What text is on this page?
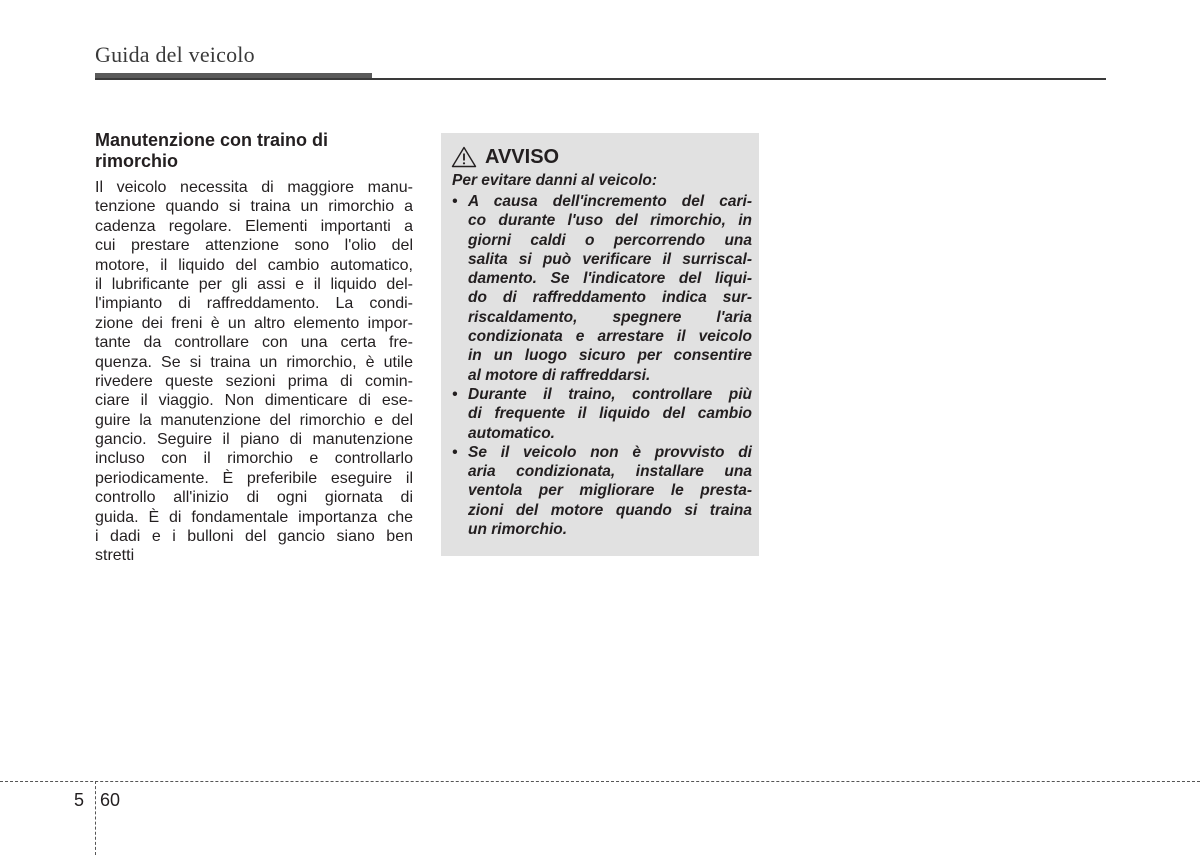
Guida del veicolo
Manutenzione con traino di
rimorchio
Il veicolo necessita di maggiore manu-
tenzione quando si traina un rimorchio a
cadenza regolare. Elementi importanti a
cui prestare attenzione sono l'olio del
motore, il liquido del cambio automatico,
il lubrificante per gli assi e il liquido del-
l'impianto di raffreddamento. La condi-
zione dei freni è un altro elemento impor-
tante da controllare con una certa fre-
quenza. Se si traina un rimorchio, è utile
rivedere queste sezioni prima di comin-
ciare il viaggio. Non dimenticare di ese-
guire la manutenzione del rimorchio e del
gancio. Seguire il piano di manutenzione
incluso con il rimorchio e controllarlo
periodicamente. È preferibile eseguire il
controllo all'inizio di ogni giornata di
guida. È di fondamentale importanza che
i dadi e i bulloni del gancio siano ben
stretti
AVVISO
Per evitare danni al veicolo:
• A causa dell'incremento del cari-
co durante l'uso del rimorchio, in
giorni caldi o percorrendo una
salita si può verificare il surriscal-
damento. Se l'indicatore del liqui-
do di raffreddamento indica sur-
riscaldamento, spegnere l'aria
condizionata e arrestare il veicolo
in un luogo sicuro per consentire
al motore di raffreddarsi.
• Durante il traino, controllare più
di frequente il liquido del cambio
automatico.
• Se il veicolo non è provvisto di
aria condizionata, installare una
ventola per migliorare le presta-
zioni del motore quando si traina
un rimorchio.
5 60
